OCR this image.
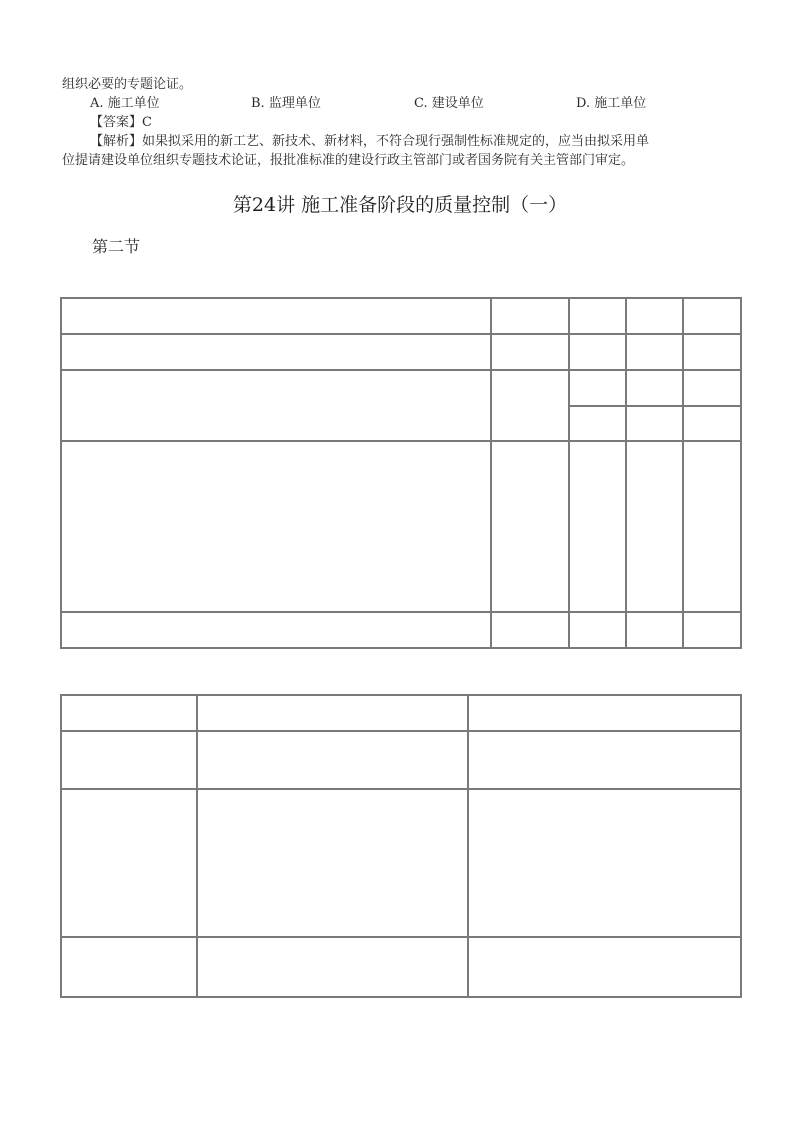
组织必要的专题论证。
A. 施工单位	B. 监理单位	C. 建设单位	D. 施工单位
【答案】C
【解析】如果拟采用的新工艺、新技术、新材料，不符合现行强制性标准规定的，应当由拟采用单
位提请建设单位组织专题技术论证，报批准标准的建设行政主管部门或者国务院有关主管部门审定。
第24讲 施工准备阶段的质量控制（一）
第二节
